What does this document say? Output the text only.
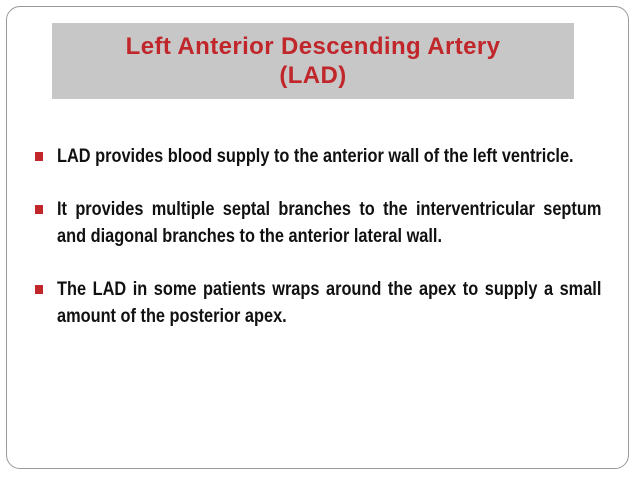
Left Anterior Descending Artery
(LAD)
LAD provides blood supply to the anterior wall of the left ventricle.
It provides multiple septal branches to the interventricular septum and diagonal branches to the anterior lateral wall.
The LAD in some patients wraps around the apex to supply a small amount of the posterior apex.
